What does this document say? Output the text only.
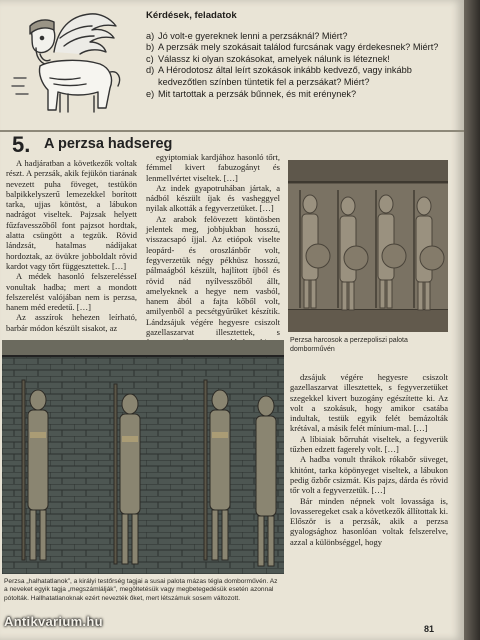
Kérdések, feladatok
a) Jó volt-e gyereknek lenni a perzsáknál? Miért?
b) A perzsák mely szokásait találod furcsának vagy érdekesnek? Miért?
c) Válassz ki olyan szokásokat, amelyek nálunk is léteznek!
d) A Hérodotosz által leírt szokások inkább kedvező, vagy inkább kedvezőtlen színben tüntetik fel a perzsákat? Miért?
e) Mit tartottak a perzsák bűnnek, és mit erénynek?
5. A perzsa hadsereg

A hadjáratban a következők voltak részt. A perzsák, akik fejükön tiarának nevezett puha föveget, testükön balpikkelyszerű lemezekkel borított tarka, ujjas köntöst, a lábukon nadrágot viseltek. Pajzsak helyett fűzfavesszőből font pajzsot hordtak, alatta csüngött a tegzük. Rövid lándzsát, hatalmas nádíjakat hordoztak, az övükre jobboldalt rövid kardot vagy tőrt függesztettek. […]

A médek hasonló felszerelésseI vonultak hadba; mert a mondott felszerelést valójában nem is perzsa, hanem méd eredetű. […]

Az asszírok hehezen leírható, barbár módon készült sisakot, az

egyiptomiak kardjához hasonló tőrt, fémmel kivert fabuzogányt és lenmellvértet viseltek. […]

Az indek gyapotruhában jártak, a nádból készült íjak és vasheggyel nyilak alkották a fegyverzetüket. […]

Az arabok felövezett köntösben jelentek meg, jobbjukban hosszú, visszacsapó íjjal. Az etiópok viselte leopárd- és oroszlánbőr volt, fegyverzetük négy pékhüsz hosszú, pálmaágból készült, hajlított íjból és rövid nád nyílvesszőből állt, amelyeknek a hegye nem vasból, hanem ából a fajta kőből volt, amilyenből a pecsétgyűrűket készítik. Lándzsájuk végére hegyesre csiszolt gazellaszarvat illesztettek, s

Perzsa harcosok a perzepoliszi palota domborművén
Perzsa „halhatatlanok”, a királyi testőrség tagjai a susai palota mázas tégla domborművén. Az a neveket egyik tagja „megszámlálják”, megöltetésük vagy megbetegedésük esetén azonnal pótolták. Hallhatatlanoknak ezért nevezték őket, mert létszámuk sosem változott.

dzsájuk végére hegyesre csiszolt gazellaszarvat illesztettek, s fegyverzetüket szegekkel kivert buzogány egészítette ki. Az volt a szokásuk, hogy amikor csatába indultak, testük egyik felét bemázolták krétával, a másik felét mínium-mal. […]

A líbiaiak bőrruhát viseltek, a fegyverük tűzben edzett fagerely volt. […]

A hadba vonult thrákok rókabőr süveget, khitónt, tarka köpönyeget viseltek, a lábukon pedig őzbőr csizmát. Kis pajzs, dárda és rövid tőr volt a fegyverzetük. […]

Bár minden népnek volt lovassága is, lovasseregeket csak a következők állítottak ki. Először is a perzsák, akik a perzsa gyalogsághoz hasonlóan voltak felszerelve, azzal a különbséggel, hogy

Antikvarium.hu	81
